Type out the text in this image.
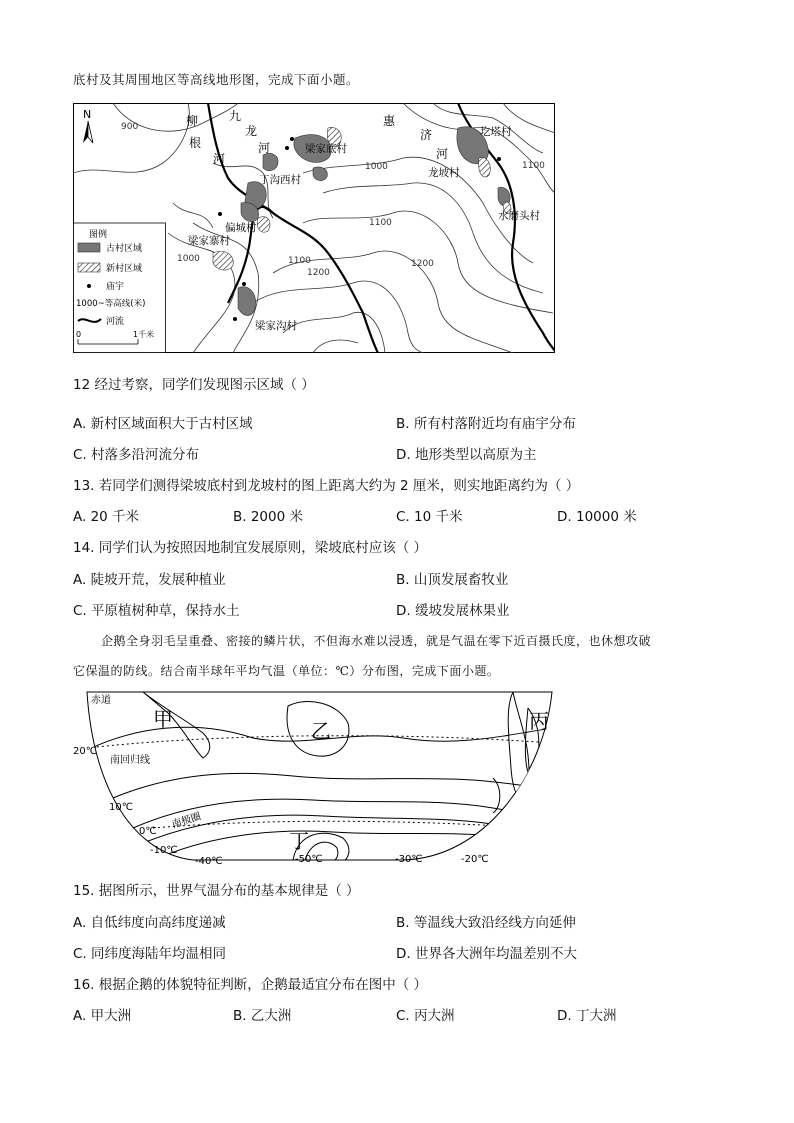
底村及其周围地区等高线地形图，完成下面小题。
N	柳
根
河
九
龙
河
惠
济
河
梁家底村
丁沟西村
偏城村
梁家寨村
梁家沟村
圪塔村
龙坡村
水磨头村
900
1000
1100
1100
1200
1200
1100
1000
图例
古村区域
新村区域
庙宇
1000~等高线(米)
河流
0	1千米
12 经过考察，同学们发现图示区域（ ）
A. 新村区域面积大于古村区域	B. 所有村落附近均有庙宇分布
C. 村落多沿河流分布	D. 地形类型以高原为主
13. 若同学们测得梁坡底村到龙坡村的图上距离大约为 2 厘米，则实地距离约为（ ）
A. 20 千米	B. 2000 米	C. 10 千米	D. 10000 米
14. 同学们认为按照因地制宜发展原则，梁坡底村应该（ ）
A. 陡坡开荒，发展种植业	B. 山顶发展畜牧业
C. 平原植树种草，保持水土	D. 缓坡发展林果业
企鹅全身羽毛呈重叠、密接的鳞片状，不但海水难以浸透，就是气温在零下近百摄氏度，也休想攻破
它保温的防线。结合南半球年平均气温（单位：℃）分布图，完成下面小题。
赤道
南回归线
南极圈
20℃
10℃
0℃
-10℃
-40℃	-50℃	-30℃	-20℃
甲	乙	丙
丁
15. 据图所示，世界气温分布的基本规律是（ ）
A. 自低纬度向高纬度递减	B. 等温线大致沿经线方向延伸
C. 同纬度海陆年均温相同	D. 世界各大洲年均温差别不大
16. 根据企鹅的体貌特征判断，企鹅最适宜分布在图中（ ）
A. 甲大洲	B. 乙大洲	C. 丙大洲	D. 丁大洲
